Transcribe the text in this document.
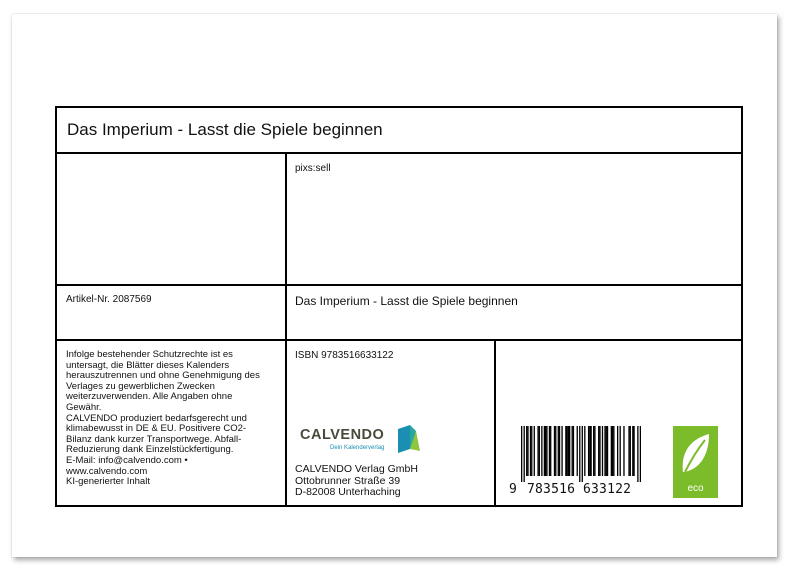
Das Imperium - Lasst die Spiele beginnen
pixs:sell
Artikel-Nr. 2087569	Das Imperium - Lasst die Spiele beginnen
Infolge bestehender Schutzrechte ist es
untersagt, die Blätter dieses Kalenders
herauszutrennen und ohne Genehmigung des
Verlages zu gewerblichen Zwecken
weiterzuverwenden. Alle Angaben ohne
Gewähr.
CALVENDO produziert bedarfsgerecht und
klimabewusst in DE & EU. Positivere CO2-
Bilanz dank kurzer Transportwege. Abfall-
Reduzierung dank Einzelstückfertigung.
E-Mail: info@calvendo.com •
www.calvendo.com
KI-generierter Inhalt
ISBN 9783516633122
CALVENDO
Dein Kalenderverlag
CALVENDO Verlag GmbH
Ottobrunner Straße 39
D-82008 Unterhaching	9 783516 633122	eco
